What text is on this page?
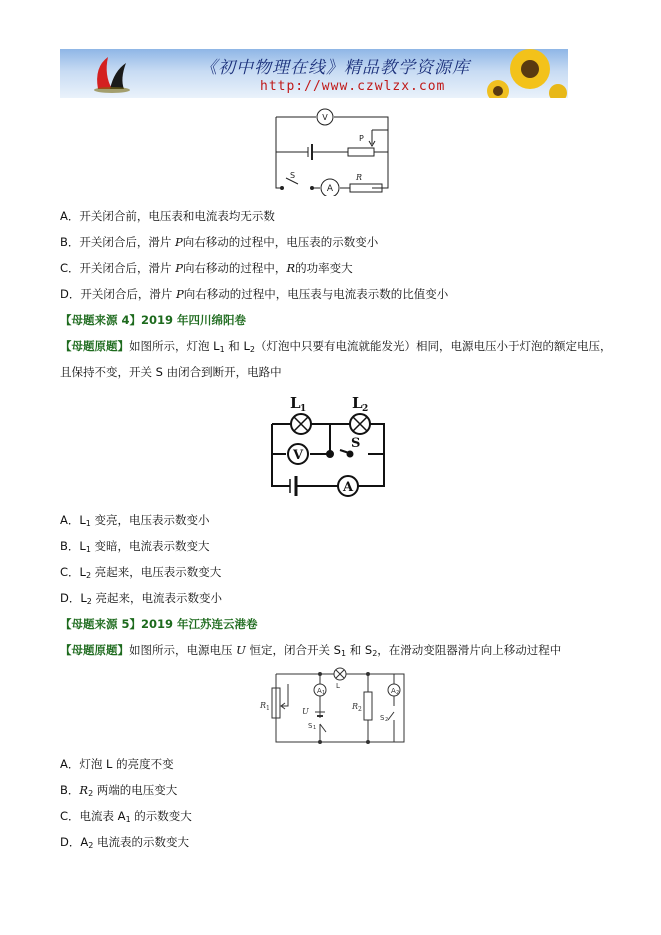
《初中物理在线》精品教学资源库
http://www.czwlzx.com
V
A
P
S	R
A．开关闭合前，电压表和电流表均无示数
B．开关闭合后，滑片 P向右移动的过程中，电压表的示数变小
C．开关闭合后，滑片 P向右移动的过程中，R的功率变大
D．开关闭合后，滑片 P向右移动的过程中，电压表与电流表示数的比值变小
【母题来源 4】2019 年四川绵阳卷
【母题原题】如图所示，灯泡 $L_1$ 和 $L_2$（灯泡中只要有电流就能发光）相同，电源电压小于灯泡的额定电压，
且保持不变，开关 S 由闭合到断开，电路中
L 1	L 2
S
V
A
A．$L_1$ 变亮，电压表示数变小
B．$L_1$ 变暗，电流表示数变大
C．$L_2$ 亮起来，电压表示数变大
D．$L_2$ 亮起来，电流表示数变小
【母题来源 5】2019 年江苏连云港卷
【母题原题】如图所示，电源电压 U 恒定，闭合开关 $S_1$ 和 $S_2$，在滑动变阻器滑片向上移动过程中
R 1	U
R 2
A 1	A 2
L
S 1
S 2
A．灯泡 L 的亮度不变
B．$R_2$ 两端的电压变大
C．电流表 $A_1$ 的示数变大
D．$A_2$ 电流表的示数变大
